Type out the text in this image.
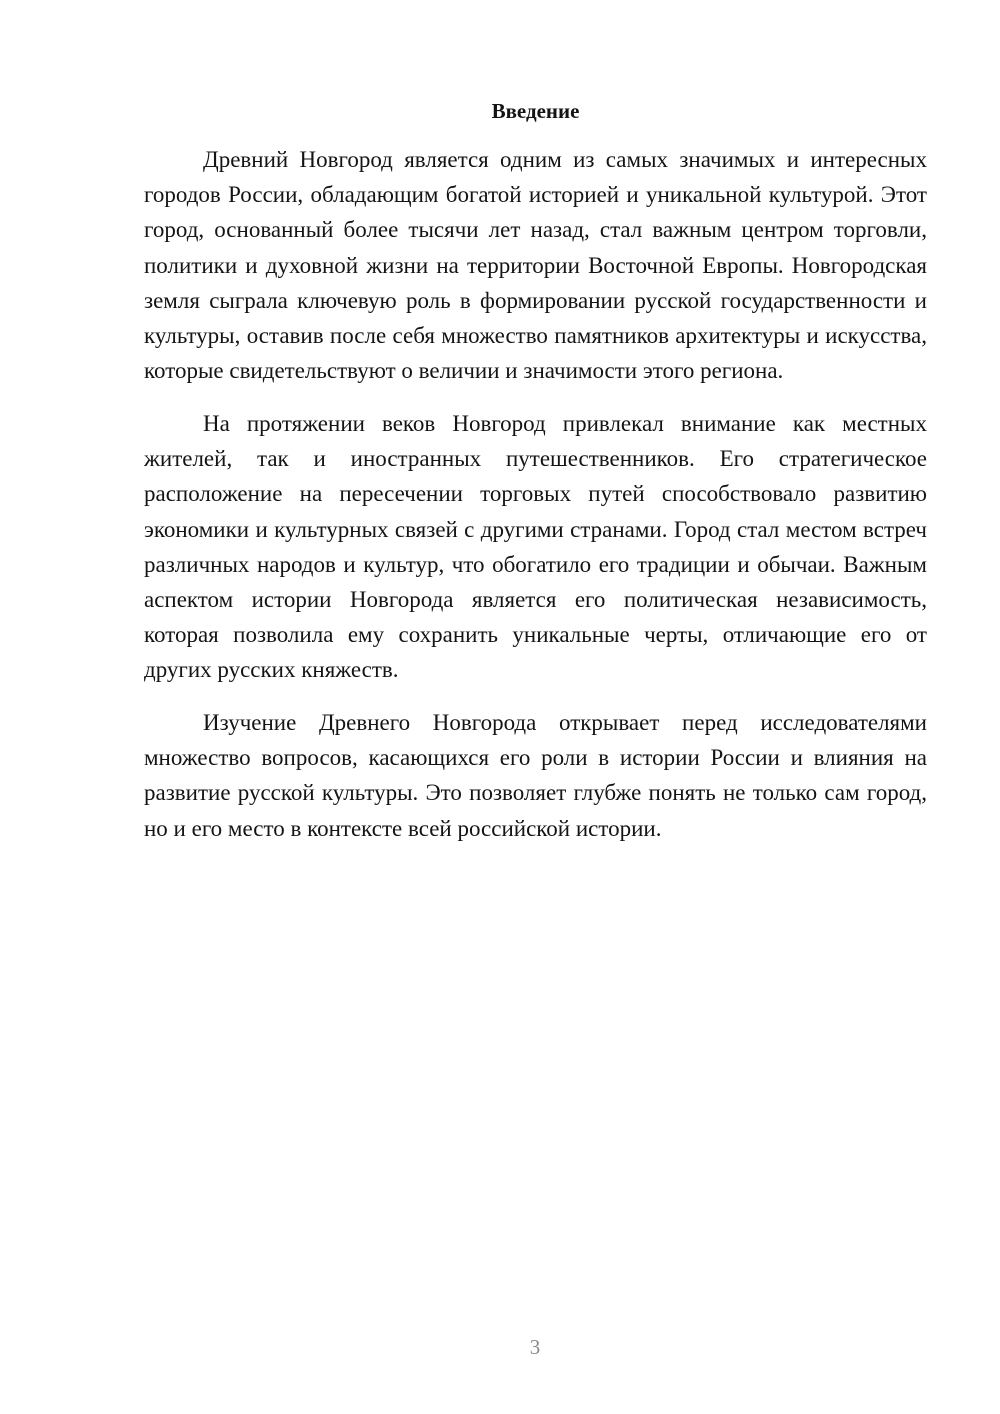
Введение

Древний Новгород является одним из самых значимых и интересных городов России, обладающим богатой историей и уникальной культурой. Этот город, основанный более тысячи лет назад, стал важным центром торговли, политики и духовной жизни на территории Восточной Европы. Новгородская земля сыграла ключевую роль в формировании русской государственности и культуры, оставив после себя множество памятников архитектуры и искусства, которые свидетельствуют о величии и значимости этого региона.

На протяжении веков Новгород привлекал внимание как местных жителей, так и иностранных путешественников. Его стратегическое расположение на пересечении торговых путей способствовало развитию экономики и культурных связей с другими странами. Город стал местом встреч различных народов и культур, что обогатило его традиции и обычаи. Важным аспектом истории Новгорода является его политическая независимость, которая позволила ему сохранить уникальные черты, отличающие его от других русских княжеств.

Изучение Древнего Новгорода открывает перед исследователями множество вопросов, касающихся его роли в истории России и влияния на развитие русской культуры. Это позволяет глубже понять не только сам город, но и его место в контексте всей российской истории.

3
